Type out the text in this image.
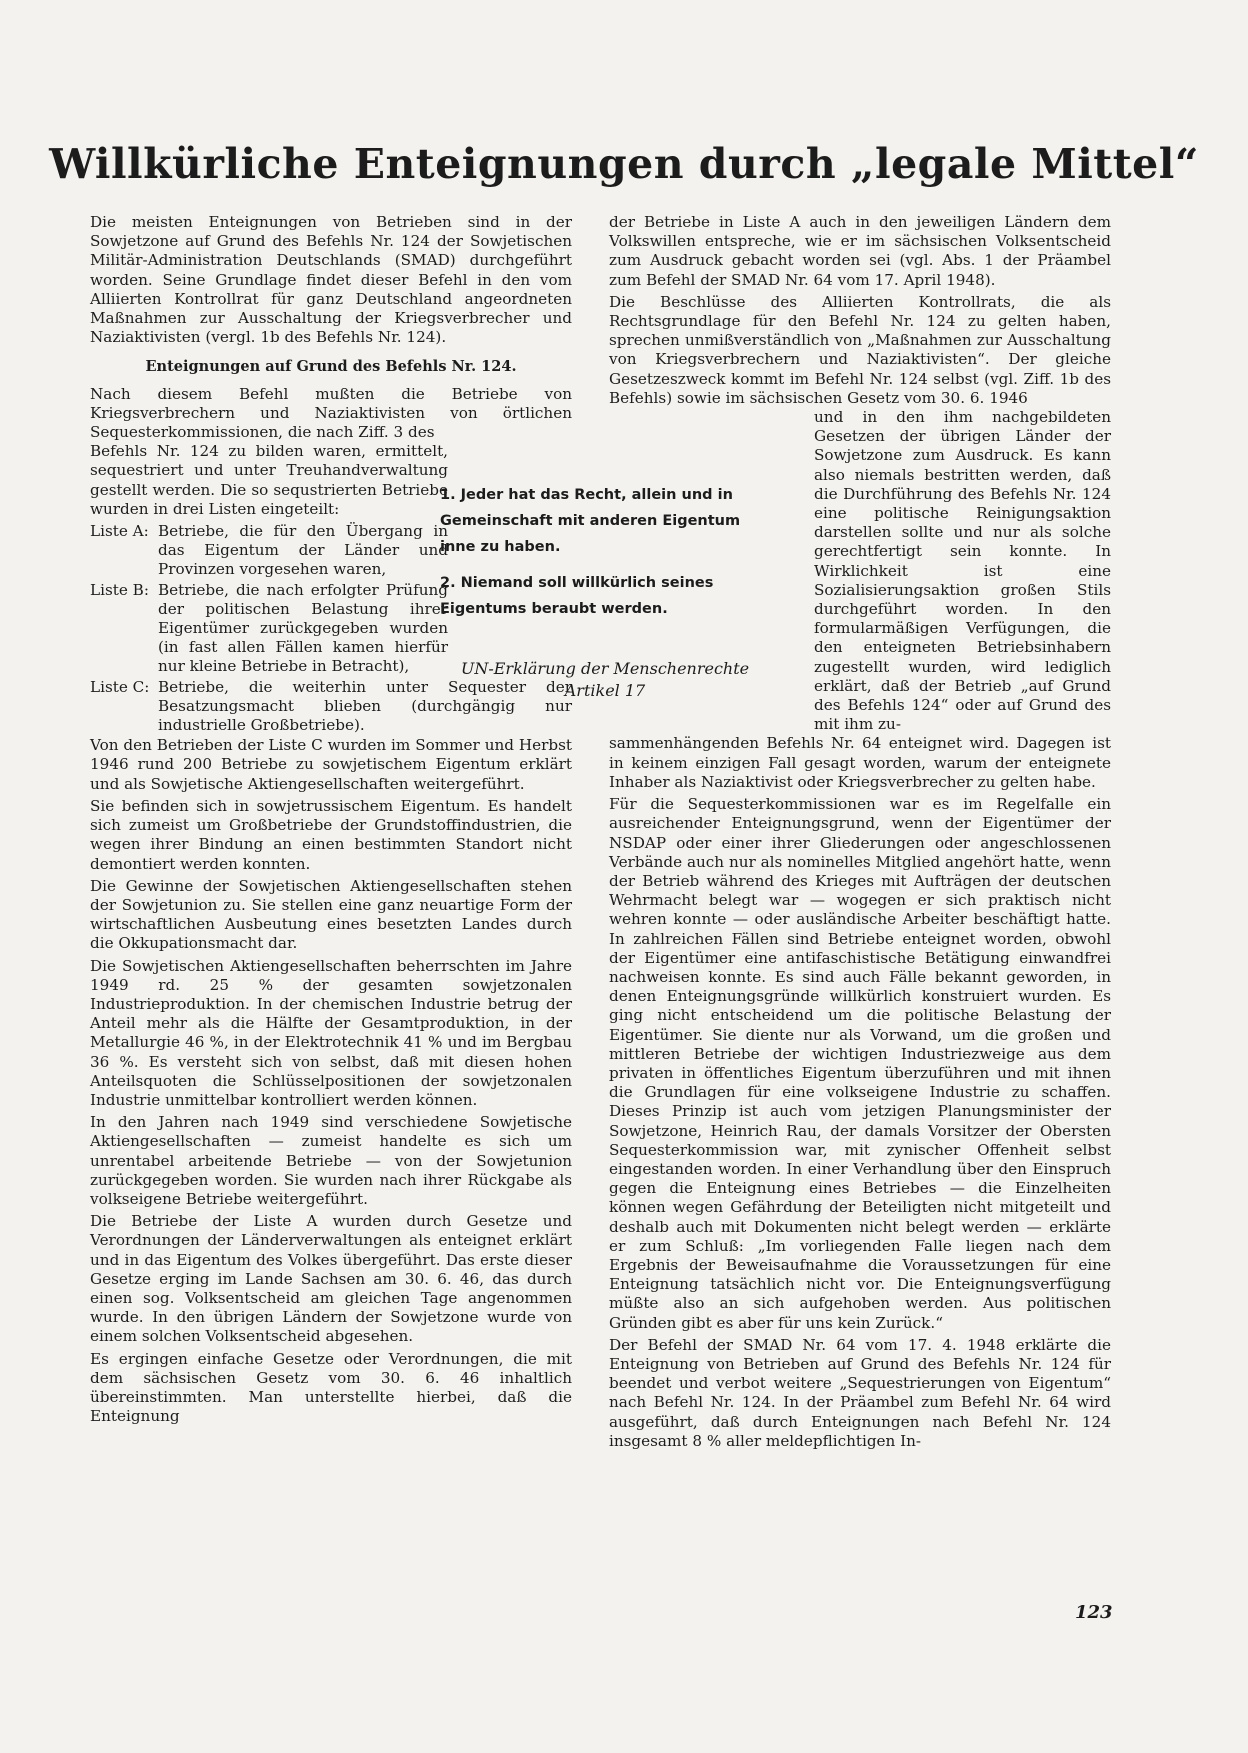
Willkürliche Enteignungen durch „legale Mittel“

Die meisten Enteignungen von Betrieben sind in der Sowjetzone auf Grund des Befehls Nr. 124 der Sowjetischen Militär-Administration Deutschlands (SMAD) durchgeführt worden. Seine Grundlage findet dieser Befehl in den vom Alliierten Kontrollrat für ganz Deutschland angeordneten Maßnahmen zur Ausschaltung der Kriegsverbrecher und Naziaktivisten (vergl. 1b des Befehls Nr. 124).

Enteignungen auf Grund des Befehls Nr. 124.

Nach diesem Befehl mußten die Betriebe von Kriegsverbrechern und Naziaktivisten von örtlichen Sequesterkommissionen, die nach Ziff. 3 des

Befehls Nr. 124 zu bilden waren, ermittelt, sequestriert und unter Treuhandverwaltung gestellt werden. Die so sequstrierten Betriebe wurden in drei Listen eingeteilt:

Liste A: Betriebe, die für den Übergang in das Eigentum der Länder und Provinzen vorgesehen waren,
Liste B: Betriebe, die nach erfolgter Prüfung der politischen Belastung ihrer Eigentümer zurückgegeben wurden (in fast allen Fällen kamen hierfür nur kleine Betriebe in Betracht),
Liste C: Betriebe, die weiterhin unter Sequester der Besatzungsmacht blieben (durchgängig nur industrielle Großbetriebe).

Von den Betrieben der Liste C wurden im Sommer und Herbst 1946 rund 200 Betriebe zu sowjetischem Eigentum erklärt und als Sowjetische Aktiengesellschaften weitergeführt.

Sie befinden sich in sowjetrussischem Eigentum. Es handelt sich zumeist um Großbetriebe der Grundstoffindustrien, die wegen ihrer Bindung an einen bestimmten Standort nicht demontiert werden konnten.

Die Gewinne der Sowjetischen Aktiengesellschaften stehen der Sowjetunion zu. Sie stellen eine ganz neuartige Form der wirtschaftlichen Ausbeutung eines besetzten Landes durch die Okkupationsmacht dar.

Die Sowjetischen Aktiengesellschaften beherrschten im Jahre 1949 rd. 25 % der gesamten sowjetzonalen Industrieproduktion. In der chemischen Industrie betrug der Anteil mehr als die Hälfte der Gesamtproduktion, in der Metallurgie 46 %, in der Elektrotechnik 41 % und im Bergbau 36 %. Es versteht sich von selbst, daß mit diesen hohen Anteilsquoten die Schlüsselpositionen der sowjetzonalen Industrie unmittelbar kontrolliert werden können.

In den Jahren nach 1949 sind verschiedene Sowjetische Aktiengesellschaften — zumeist handelte es sich um unrentabel arbeitende Betriebe — von der Sowjetunion zurückgegeben worden. Sie wurden nach ihrer Rückgabe als volkseigene Betriebe weitergeführt.

Die Betriebe der Liste A wurden durch Gesetze und Verordnungen der Länderverwaltungen als enteignet erklärt und in das Eigentum des Volkes übergeführt. Das erste dieser Gesetze erging im Lande Sachsen am 30. 6. 46, das durch einen sog. Volksentscheid am gleichen Tage angenommen wurde. In den übrigen Ländern der Sowjetzone wurde von einem solchen Volksentscheid abgesehen.

Es ergingen einfache Gesetze oder Verordnungen, die mit dem sächsischen Gesetz vom 30. 6. 46 inhaltlich übereinstimmten. Man unterstellte hierbei, daß die Enteignung

1. Jeder hat das Recht, allein und in Gemeinschaft mit anderen Eigentum inne zu haben.

2. Niemand soll willkürlich seines Eigentums beraubt werden.

UN-Erklärung der Menschenrechte Artikel 17

der Betriebe in Liste A auch in den jeweiligen Ländern dem Volkswillen entspreche, wie er im sächsischen Volksentscheid zum Ausdruck gebacht worden sei (vgl. Abs. 1 der Präambel zum Befehl der SMAD Nr. 64 vom 17. April 1948).

Die Beschlüsse des Alliierten Kontrollrats, die als Rechtsgrundlage für den Befehl Nr. 124 zu gelten haben, sprechen unmißverständlich von „Maßnahmen zur Ausschaltung von Kriegsverbrechern und Naziaktivisten“. Der gleiche Gesetzeszweck kommt im Befehl Nr. 124 selbst (vgl. Ziff. 1b des Befehls) sowie im sächsischen Gesetz vom 30. 6. 1946

und in den ihm nachgebildeten Gesetzen der übrigen Länder der Sowjetzone zum Ausdruck. Es kann also niemals bestritten werden, daß die Durchführung des Befehls Nr. 124 eine politische Reinigungsaktion darstellen sollte und nur als solche gerechtfertigt sein konnte. In Wirklichkeit ist eine Sozialisierungsaktion großen Stils durchgeführt worden. In den formularmäßigen Verfügungen, die den enteigneten Betriebsinhabern zugestellt wurden, wird lediglich erklärt, daß der Betrieb „auf Grund des Befehls 124“ oder auf Grund des mit ihm zu-

sammenhängenden Befehls Nr. 64 enteignet wird. Dagegen ist in keinem einzigen Fall gesagt worden, warum der enteignete Inhaber als Naziaktivist oder Kriegsverbrecher zu gelten habe.

Für die Sequesterkommissionen war es im Regelfalle ein ausreichender Enteignungsgrund, wenn der Eigentümer der NSDAP oder einer ihrer Gliederungen oder angeschlossenen Verbände auch nur als nominelles Mitglied angehört hatte, wenn der Betrieb während des Krieges mit Aufträgen der deutschen Wehrmacht belegt war — wogegen er sich praktisch nicht wehren konnte — oder ausländische Arbeiter beschäftigt hatte. In zahlreichen Fällen sind Betriebe enteignet worden, obwohl der Eigentümer eine antifaschistische Betätigung einwandfrei nachweisen konnte. Es sind auch Fälle bekannt geworden, in denen Enteignungsgründe willkürlich konstruiert wurden. Es ging nicht entscheidend um die politische Belastung der Eigentümer. Sie diente nur als Vorwand, um die großen und mittleren Betriebe der wichtigen Industriezweige aus dem privaten in öffentliches Eigentum überzuführen und mit ihnen die Grundlagen für eine volkseigene Industrie zu schaffen. Dieses Prinzip ist auch vom jetzigen Planungsminister der Sowjetzone, Heinrich Rau, der damals Vorsitzer der Obersten Sequesterkommission war, mit zynischer Offenheit selbst eingestanden worden. In einer Verhandlung über den Einspruch gegen die Enteignung eines Betriebes — die Einzelheiten können wegen Gefährdung der Beteiligten nicht mitgeteilt und deshalb auch mit Dokumenten nicht belegt werden — erklärte er zum Schluß: „Im vorliegenden Falle liegen nach dem Ergebnis der Beweisaufnahme die Voraussetzungen für eine Enteignung tatsächlich nicht vor. Die Enteignungsverfügung müßte also an sich aufgehoben werden. Aus politischen Gründen gibt es aber für uns kein Zurück.“

Der Befehl der SMAD Nr. 64 vom 17. 4. 1948 erklärte die Enteignung von Betrieben auf Grund des Befehls Nr. 124 für beendet und verbot weitere „Sequestrierungen von Eigentum“ nach Befehl Nr. 124. In der Präambel zum Befehl Nr. 64 wird ausgeführt, daß durch Enteignungen nach Befehl Nr. 124 insgesamt 8 % aller meldepflichtigen In-

123
